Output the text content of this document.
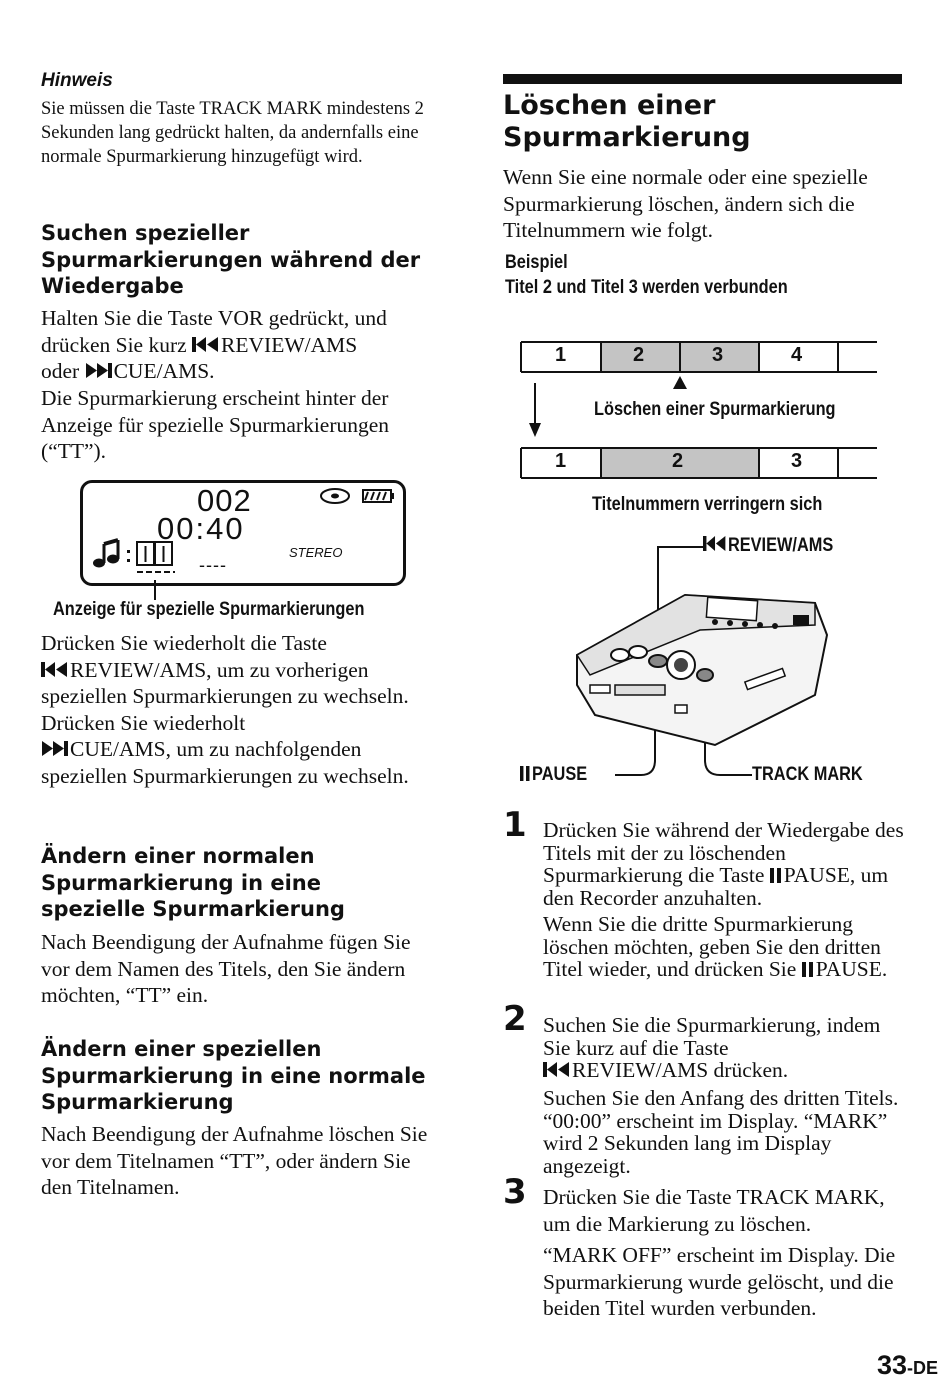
Hinweis

Sie müssen die Taste TRACK MARK mindestens 2 Sekunden lang gedrückt halten, da andernfalls eine normale Spurmarkierung hinzugefügt wird.

Suchen spezieller Spurmarkierungen während der Wiedergabe
Halten Sie die Taste VOR gedrückt, und drücken Sie kurz REVIEW/AMS
oder CUE/AMS.

Die Spurmarkierung erscheint hinter der Anzeige für spezielle Spurmarkierungen (“TT”).

002
00:40
STEREO
----
Anzeige für spezielle Spurmarkierungen
Drücken Sie wiederholt die Taste
REVIEW/AMS, um zu vorherigen speziellen Spurmarkierungen zu wechseln. Drücken Sie wiederholt
CUE/AMS, um zu nachfolgenden speziellen Spurmarkierungen zu wechseln.
Ändern einer normalen Spurmarkierung in eine spezielle Spurmarkierung

Nach Beendigung der Aufnahme fügen Sie vor dem Namen des Titels, den Sie ändern möchten, “TT” ein.

Ändern einer speziellen Spurmarkierung in eine normale Spurmarkierung

Nach Beendigung der Aufnahme löschen Sie vor dem Titelnamen “TT”, oder ändern Sie den Titelnamen.

Löschen einer Spurmarkierung

Wenn Sie eine normale oder eine spezielle Spurmarkierung löschen, ändern sich die Titelnummern wie folgt.

Beispiel
Titel 2 und Titel 3 werden verbunden
1	2	3	4
Löschen einer Spurmarkierung
1	2	3
Titelnummern verringern sich
REVIEW/AMS
PAUSE	TRACK MARK
1 Drücken Sie während der Wiedergabe des Titels mit der zu löschenden Spurmarkierung die Taste PAUSE, um den Recorder anzuhalten.
Wenn Sie die dritte Spurmarkierung löschen möchten, geben Sie den dritten Titel wieder, und drücken Sie PAUSE.
2 Suchen Sie die Spurmarkierung, indem Sie kurz auf die Taste
REVIEW/AMS drücken.

Suchen Sie den Anfang des dritten Titels. “00:00” erscheint im Display. “MARK” wird 2 Sekunden lang im Display angezeigt.

3 Drücken Sie die Taste TRACK MARK, um die Markierung zu löschen.

“MARK OFF” erscheint im Display. Die Spurmarkierung wurde gelöscht, und die beiden Titel wurden verbunden.

33-DE
